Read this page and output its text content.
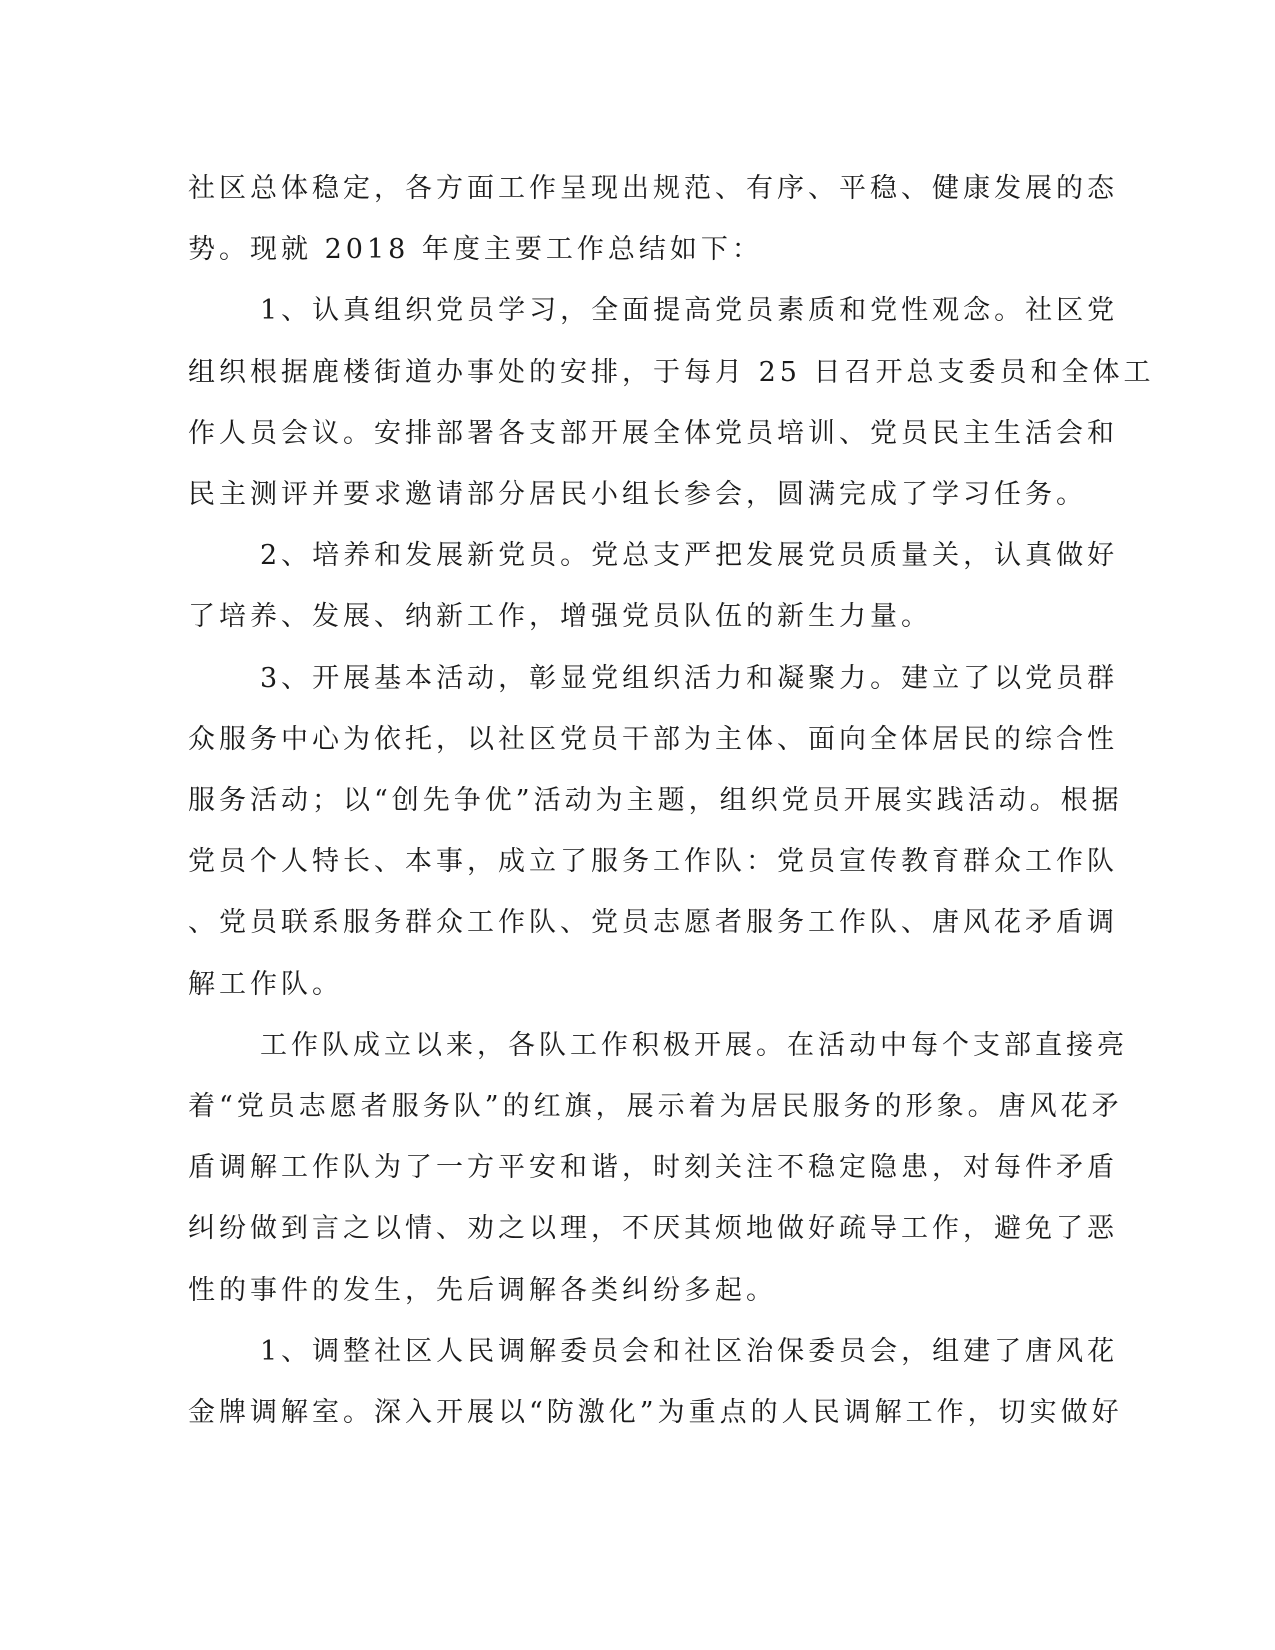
社区总体稳定，各方面工作呈现出规范、有序、平稳、健康发展的态
势。现就 2018 年度主要工作总结如下：

1、认真组织党员学习，全面提高党员素质和党性观念。社区党
组织根据鹿楼街道办事处的安排，于每月 25 日召开总支委员和全体工
作人员会议。安排部署各支部开展全体党员培训、党员民主生活会和
民主测评并要求邀请部分居民小组长参会，圆满完成了学习任务。

2、培养和发展新党员。党总支严把发展党员质量关，认真做好
了培养、发展、纳新工作，增强党员队伍的新生力量。

3、开展基本活动，彰显党组织活力和凝聚力。建立了以党员群
众服务中心为依托，以社区党员干部为主体、面向全体居民的综合性
服务活动；以“创先争优”活动为主题，组织党员开展实践活动。根据
党员个人特长、本事，成立了服务工作队：党员宣传教育群众工作队
、党员联系服务群众工作队、党员志愿者服务工作队、唐风花矛盾调
解工作队。

工作队成立以来，各队工作积极开展。在活动中每个支部直接亮
着“党员志愿者服务队”的红旗，展示着为居民服务的形象。唐风花矛
盾调解工作队为了一方平安和谐，时刻关注不稳定隐患，对每件矛盾
纠纷做到言之以情、劝之以理，不厌其烦地做好疏导工作，避免了恶
性的事件的发生，先后调解各类纠纷多起。

1、调整社区人民调解委员会和社区治保委员会，组建了唐风花
金牌调解室。深入开展以“防激化”为重点的人民调解工作，切实做好
